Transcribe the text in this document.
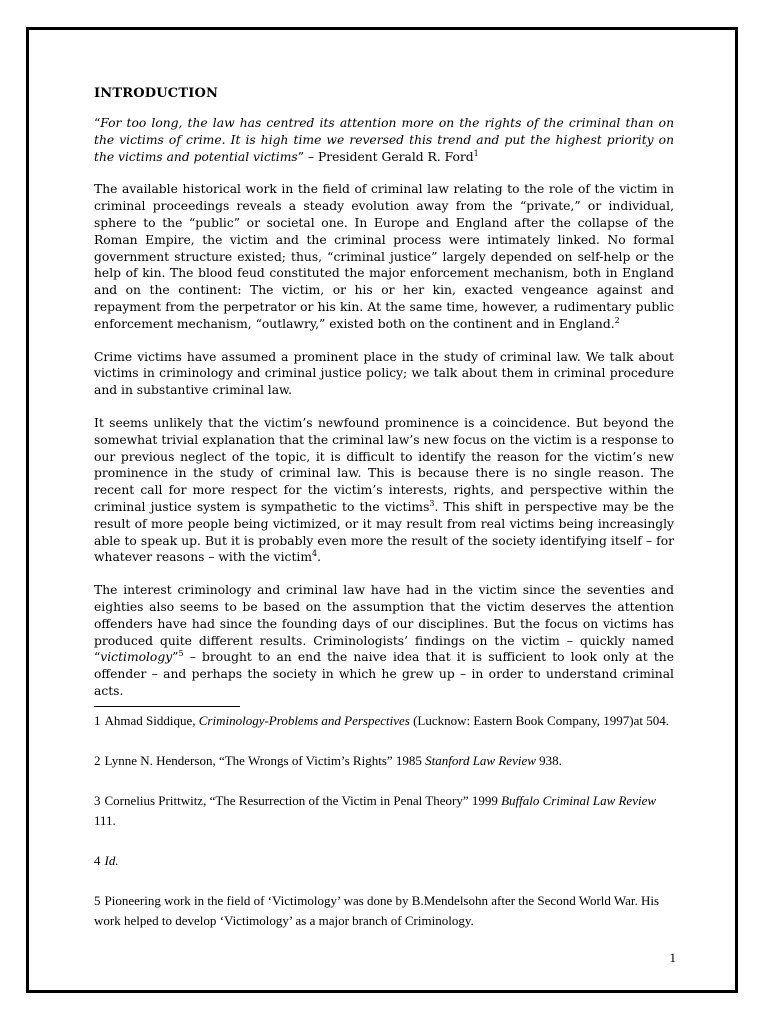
INTRODUCTION

“For too long, the law has centred its attention more on the rights of the criminal than on the victims of crime. It is high time we reversed this trend and put the highest priority on the victims and potential victims” – President Gerald R. Ford$^1$

The available historical work in the field of criminal law relating to the role of the victim in criminal proceedings reveals a steady evolution away from the “private,” or individual, sphere to the “public” or societal one. In Europe and England after the collapse of the Roman Empire, the victim and the criminal process were intimately linked. No formal government structure existed; thus, “criminal justice” largely depended on self-help or the help of kin. The blood feud constituted the major enforcement mechanism, both in England and on the continent: The victim, or his or her kin, exacted vengeance against and repayment from the perpetrator or his kin. At the same time, however, a rudimentary public enforcement mechanism, “outlawry,” existed both on the continent and in England.$^2$

Crime victims have assumed a prominent place in the study of criminal law. We talk about victims in criminology and criminal justice policy; we talk about them in criminal procedure and in substantive criminal law.

It seems unlikely that the victim’s newfound prominence is a coincidence. But beyond the somewhat trivial explanation that the criminal law’s new focus on the victim is a response to our previous neglect of the topic, it is difficult to identify the reason for the victim’s new prominence in the study of criminal law. This is because there is no single reason. The recent call for more respect for the victim’s interests, rights, and perspective within the criminal justice system is sympathetic to the victims$^3$. This shift in perspective may be the result of more people being victimized, or it may result from real victims being increasingly able to speak up. But it is probably even more the result of the society identifying itself – for whatever reasons – with the victim$^4$.

The interest criminology and criminal law have had in the victim since the seventies and eighties also seems to be based on the assumption that the victim deserves the attention offenders have had since the founding days of our disciplines. But the focus on victims has produced quite different results. Criminologists’ findings on the victim – quickly named “victimology”$^5$ – brought to an end the naive idea that it is sufficient to look only at the offender – and perhaps the society in which he grew up – in order to understand criminal acts.

1 Ahmad Siddique, Criminology-Problems and Perspectives (Lucknow: Eastern Book Company, 1997)at 504.
2 Lynne N. Henderson, “The Wrongs of Victim’s Rights” 1985 Stanford Law Review 938.
3 Cornelius Prittwitz, “The Resurrection of the Victim in Penal Theory” 1999 Buffalo Criminal Law Review 111.
4 Id.
5 Pioneering work in the field of ‘Victimology’ was done by B.Mendelsohn after the Second World War. His work helped to develop ‘Victimology’ as a major branch of Criminology.
1
